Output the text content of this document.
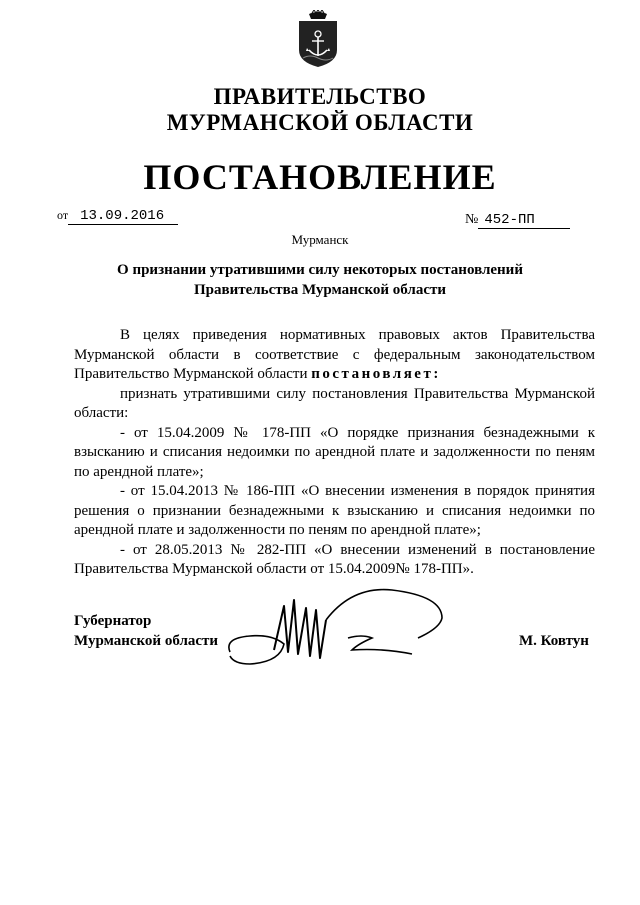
ПРАВИТЕЛЬСТВО
МУРМАНСКОЙ ОБЛАСТИ
ПОСТАНОВЛЕНИЕ
от 13.09.2016	№ 452-ПП
Мурманск
О признании утратившими силу некоторых постановлений
Правительства Мурманской области

В целях приведения нормативных правовых актов Правительства Мурманской области в соответствие с федеральным законодательством Правительство Мурманской области постановляет:

признать утратившими силу постановления Правительства Мурманской области:

- от 15.04.2009 № 178-ПП «О порядке признания безнадежными к взысканию и списания недоимки по арендной плате и задолженности по пеням по арендной плате»;

- от 15.04.2013 № 186-ПП «О внесении изменения в порядок принятия решения о признании безнадежными к взысканию и списания недоимки по арендной плате и задолженности по пеням по арендной плате»;

- от 28.05.2013 № 282-ПП «О внесении изменений в постановление Правительства Мурманской области от 15.04.2009№ 178-ПП».

Губернатор
Мурманской области	М. Ковтун
